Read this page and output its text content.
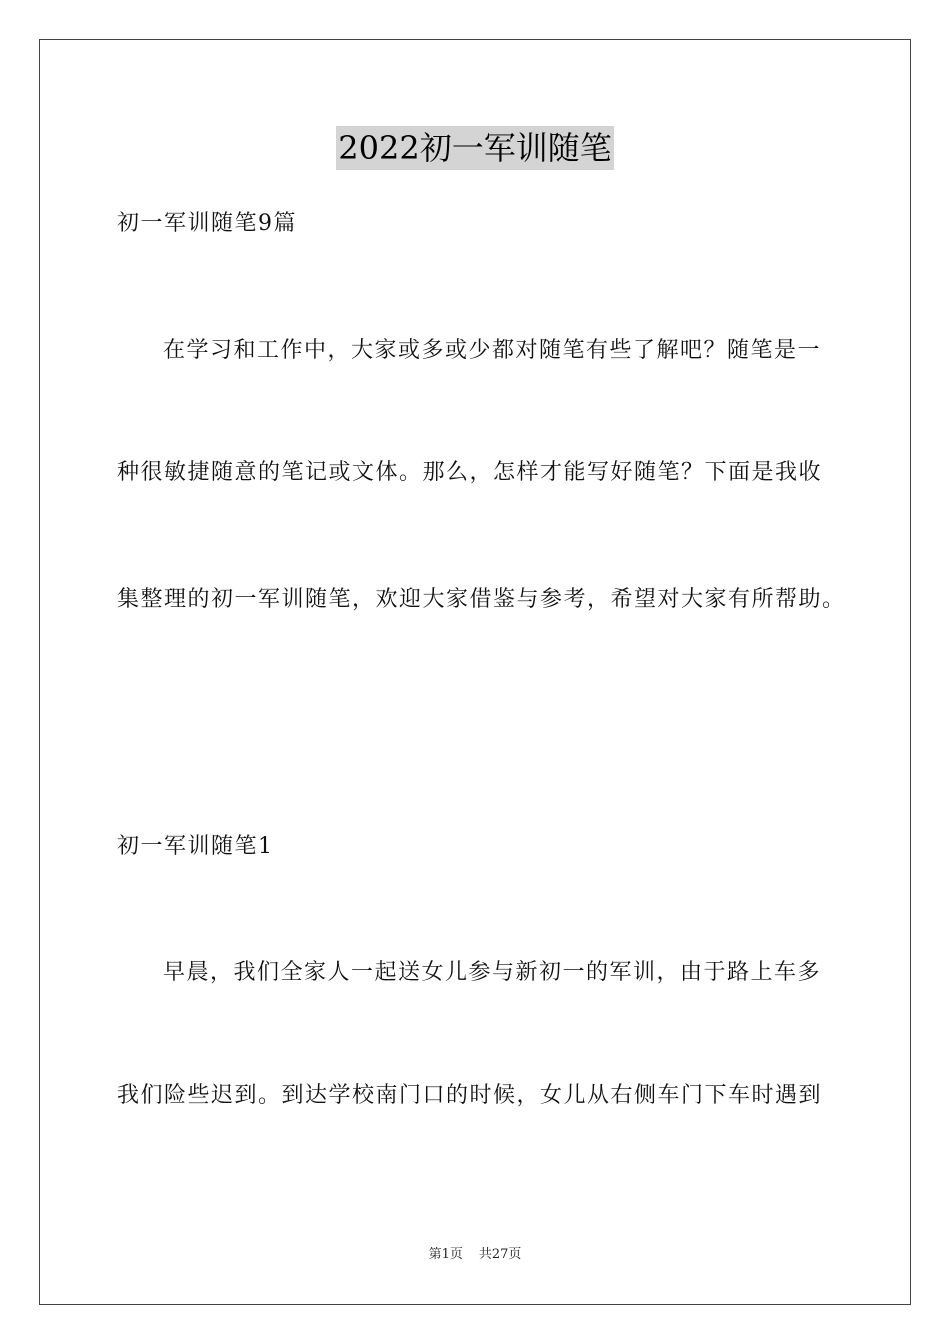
2022初一军训随笔
初一军训随笔9篇
在学习和工作中，大家或多或少都对随笔有些了解吧？随笔是一
种很敏捷随意的笔记或文体。那么，怎样才能写好随笔？下面是我收
集整理的初一军训随笔，欢迎大家借鉴与参考，希望对大家有所帮助。
初一军训随笔1
早晨，我们全家人一起送女儿参与新初一的军训，由于路上车多
我们险些迟到。到达学校南门口的时候，女儿从右侧车门下车时遇到
第1页 共27页
